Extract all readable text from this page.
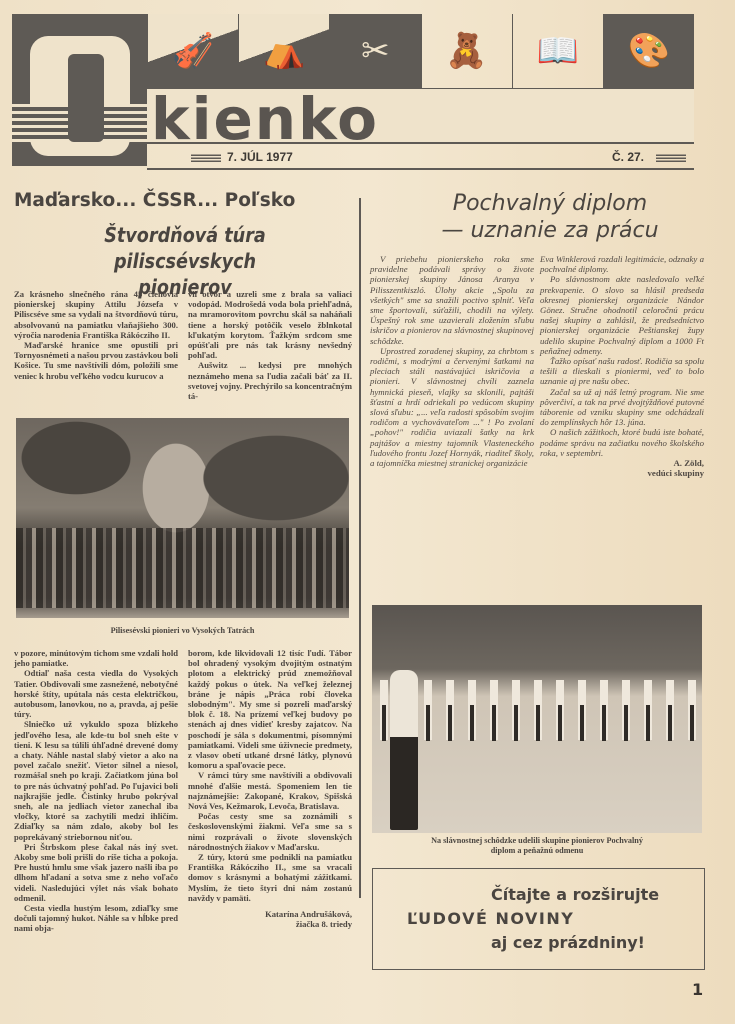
🎻	⛺	✂	🧸	📖	🎨
kienko
7. JÚL 1977	Č. 27.
Maďarsko... ČSSR... Poľsko
Štvordňová túra piliscsévskych pionierov

Za krásneho slnečného rána 45 členovia pionierskej skupiny Attilu Józsefa v Piliscséve sme sa vydali na štvordňovú túru, absolvovanú na pamiatku vlaňajšieho 300. výročia narodenia Františka Rákócziho II.

Maďarské hranice sme opustili pri Tornyosnémeti a našou prvou zastávkou boli Košice. Tu sme navštívili dóm, položili sme veniec k hrobu veľkého vodcu kurucov a

vil otvor a uzreli sme z brala sa valiaci vodopád. Modrošedá voda bola priehľadná, na mramorovitom povrchu skál sa naháňali tiene a horský potôčik veselo žblnkotal kľukatým korytom. Ťažkým srdcom sme opúšťali pre nás tak krásny nevšedný pohľad.

Aušwitz ... kedysi pre mnohých neznámeho mena sa ľudia začali báť za II. svetovej vojny. Prechýrilo sa koncentračným tá-

Pilisesévski pionieri vo Vysokých Tatrách

v pozore, minútovým tichom sme vzdali hold jeho pamiatke.

Odtiaľ naša cesta viedla do Vysokých Tatier. Obdivovali sme zasnežené, nebotyčné horské štíty, upútala nás cesta električkou, autobusom, lanovkou, no a, pravda, aj pešie túry.

Slniečko už vykuklo spoza blízkeho jedľového lesa, ale kde-tu bol sneh ešte v tieni. K lesu sa túlili úhľadné drevené domy a chaty. Náhle nastal slabý vietor a ako na povel začalo snežiť. Vietor silnel a niesol, rozmášal sneh po kraji. Začiatkom júna bol to pre nás úchvatný pohľad. Po ľujavici boli najkrajšie jedle. Čistinky hrubo pokrýval sneh, ale na jedliach vietor zanechal iba vločky, ktoré sa zachytili medzi ihličím. Zdiaľky sa nám zdalo, akoby bol les poprekávaný striebornou niťou.

Pri Štrbskom plese čakal nás iný svet. Akoby sme boli prišli do ríše ticha a pokoja. Pre hustú hmlu sme však jazero našli iba po dlhom hľadaní a sotva sme z neho voľačo videli. Nasledujúci výlet nás však bohato odmenil.

Cesta viedla hustým lesom, zdiaľky sme dočuli tajomný hukot. Náhle sa v hĺbke pred nami obja-

borom, kde likvidovali 12 tisíc ľudí. Tábor bol ohradený vysokým dvojitým ostnatým plotom a elektrický prúd znemožňoval každý pokus o útek. Na veľkej železnej bráne je nápis „Práca robí človeka slobodným". My sme si pozreli maďarský blok č. 18. Na prízemí veľkej budovy po stenách aj dnes vidieť kresby zajatcov. Na poschodí je sála s dokumentmi, písomnými pamiatkami. Videli sme úživnecie predmety, z vlasov obetí utkané drsné látky, plynovú komoru a spaľovacie pece.

V rámci túry sme navštívili a obdivovali mnohé ďalšie mestá. Spomeniem len tie najznámejšie: Zakopané, Krakov, Spišská Nová Ves, Kežmarok, Levoča, Bratislava.

Počas cesty sme sa zoznámili s československými žiakmi. Veľa sme sa s nimi rozprávali o živote slovenských národnostných žiakov v Maďarsku.

Z túry, ktorú sme podnikli na pamiatku Františka Rákócziho II., sme sa vracali domov s krásnymi a bohatými zážitkami. Myslím, že tieto štyri dni nám zostanú navždy v pamäti.

Katarína Andrušáková,

žiačka 8. triedy

Pochvalný diplom
— uznanie za prácu

V priebehu pionierskeho roka sme pravidelne podávali správy o živote pionierskej skupiny Jánosa Aranya v Pilisszentkiszló. Úlohy akcie „Spolu za všetkých" sme sa snažili poctivo splniť. Veľa sme športovali, súťažili, chodili na výlety. Úspešný rok sme uzavierali zložením sľubu iskričov a pionierov na slávnostnej skupinovej schôdzke.

Uprostred zoradenej skupiny, za chrbtom s rodičmi, s modrými a červenými šatkami na pleciach stáli nastávajúci iskričovia a pionieri. V slávnostnej chvíli zaznela hymnická pieseň, vlajky sa sklonili, pajtáši šťastní a hrdí odriekali po vedúcom skupiny slová sľubu: „... veľa radosti spôsobím svojim rodičom a vychovávateľom ..." ! Po zvolaní „pohov!" rodičia uviazali šatky na krk pajtášov a miestny tajomník Vlasteneckého ľudového frontu Jozef Hornyák, riaditeľ školy, a tajomníčka miestnej stranickej organizácie

Eva Winklerová rozdali legitimácie, odznaky a pochvalné diplomy.

Po slávnostnom akte nasledovalo veľké prekvapenie. O slovo sa hlásil predseda okresnej pionierskej organizácie Nándor Gönez. Stručne ohodnotil celoročnú prácu našej skupiny a zahlásil, že predsedníctvo pionierskej organizácie Peštianskej župy udelilo skupine Pochvalný diplom a 1000 Ft peňažnej odmeny.

Ťažko opísať našu radosť. Rodičia sa spolu tešili a tlieskali s pioniermi, veď to bolo uznanie aj pre našu obec.

Začal sa už aj náš letný program. Nie sme pôverčiví, a tak na prvé dvojtýždňové putovné táborenie od vzniku skupiny sme odchádzali do zemplínskych hôr 13. júna.

O našich zážitkoch, ktoré budú iste bohaté, podáme správu na začiatku nového školského roka, v septembri.

A. Zöld,

vedúci skupiny

Na slávnostnej schôdzke udelili skupine pionierov Pochvalný
diplom a peňažnú odmenu
Čítajte a rozširujte
ĽUDOVÉ NOVINY
aj cez prázdniny!
1
